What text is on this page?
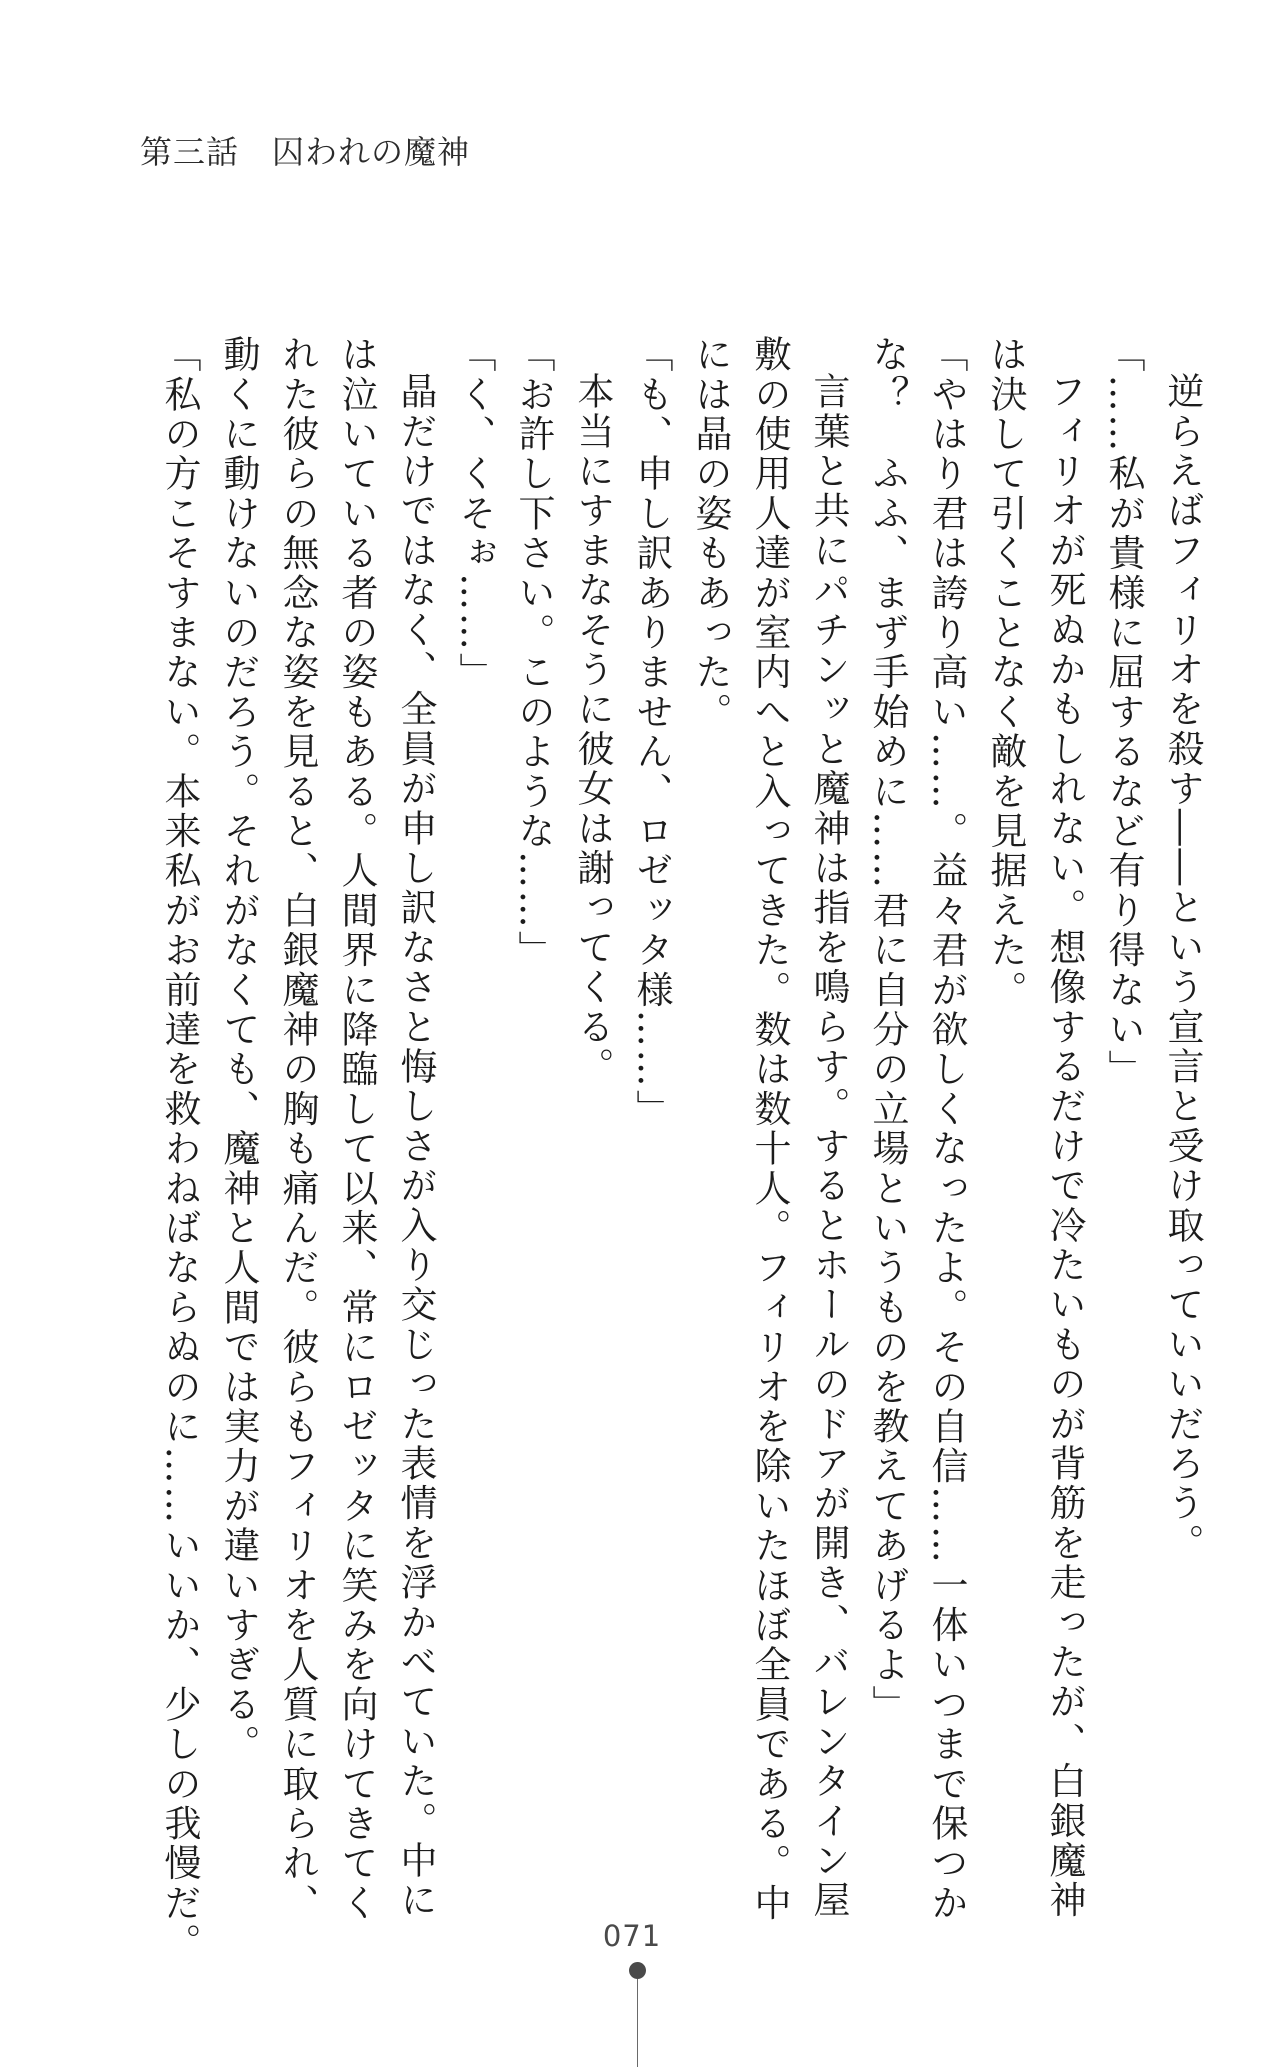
第三話　囚われの魔神
逆らえばフィリオを殺す――という宣言と受け取っていいだろう。
「……私が貴様に屈するなど有り得ない」
フィリオが死ぬかもしれない。想像するだけで冷たいものが背筋を走ったが、白銀魔神
は決して引くことなく敵を見据えた。
「やはり君は誇り高い……。益々君が欲しくなったよ。その自信……一体いつまで保つか
な？　ふふ、まず手始めに……君に自分の立場というものを教えてあげるよ」
言葉と共にパチンッと魔神は指を鳴らす。するとホールのドアが開き、バレンタイン屋
敷の使用人達が室内へと入ってきた。数は数十人。フィリオを除いたほぼ全員である。中
には晶の姿もあった。
「も、申し訳ありません、ロゼッタ様……」
本当にすまなそうに彼女は謝ってくる。
「お許し下さい。このような……」
「く、くそぉ……」
晶だけではなく、全員が申し訳なさと悔しさが入り交じった表情を浮かべていた。中に
は泣いている者の姿もある。人間界に降臨して以来、常にロゼッタに笑みを向けてきてく
れた彼らの無念な姿を見ると、白銀魔神の胸も痛んだ。彼らもフィリオを人質に取られ、
動くに動けないのだろう。それがなくても、魔神と人間では実力が違いすぎる。
「私の方こそすまない。本来私がお前達を救わねばならぬのに……いいか、少しの我慢だ。	071
